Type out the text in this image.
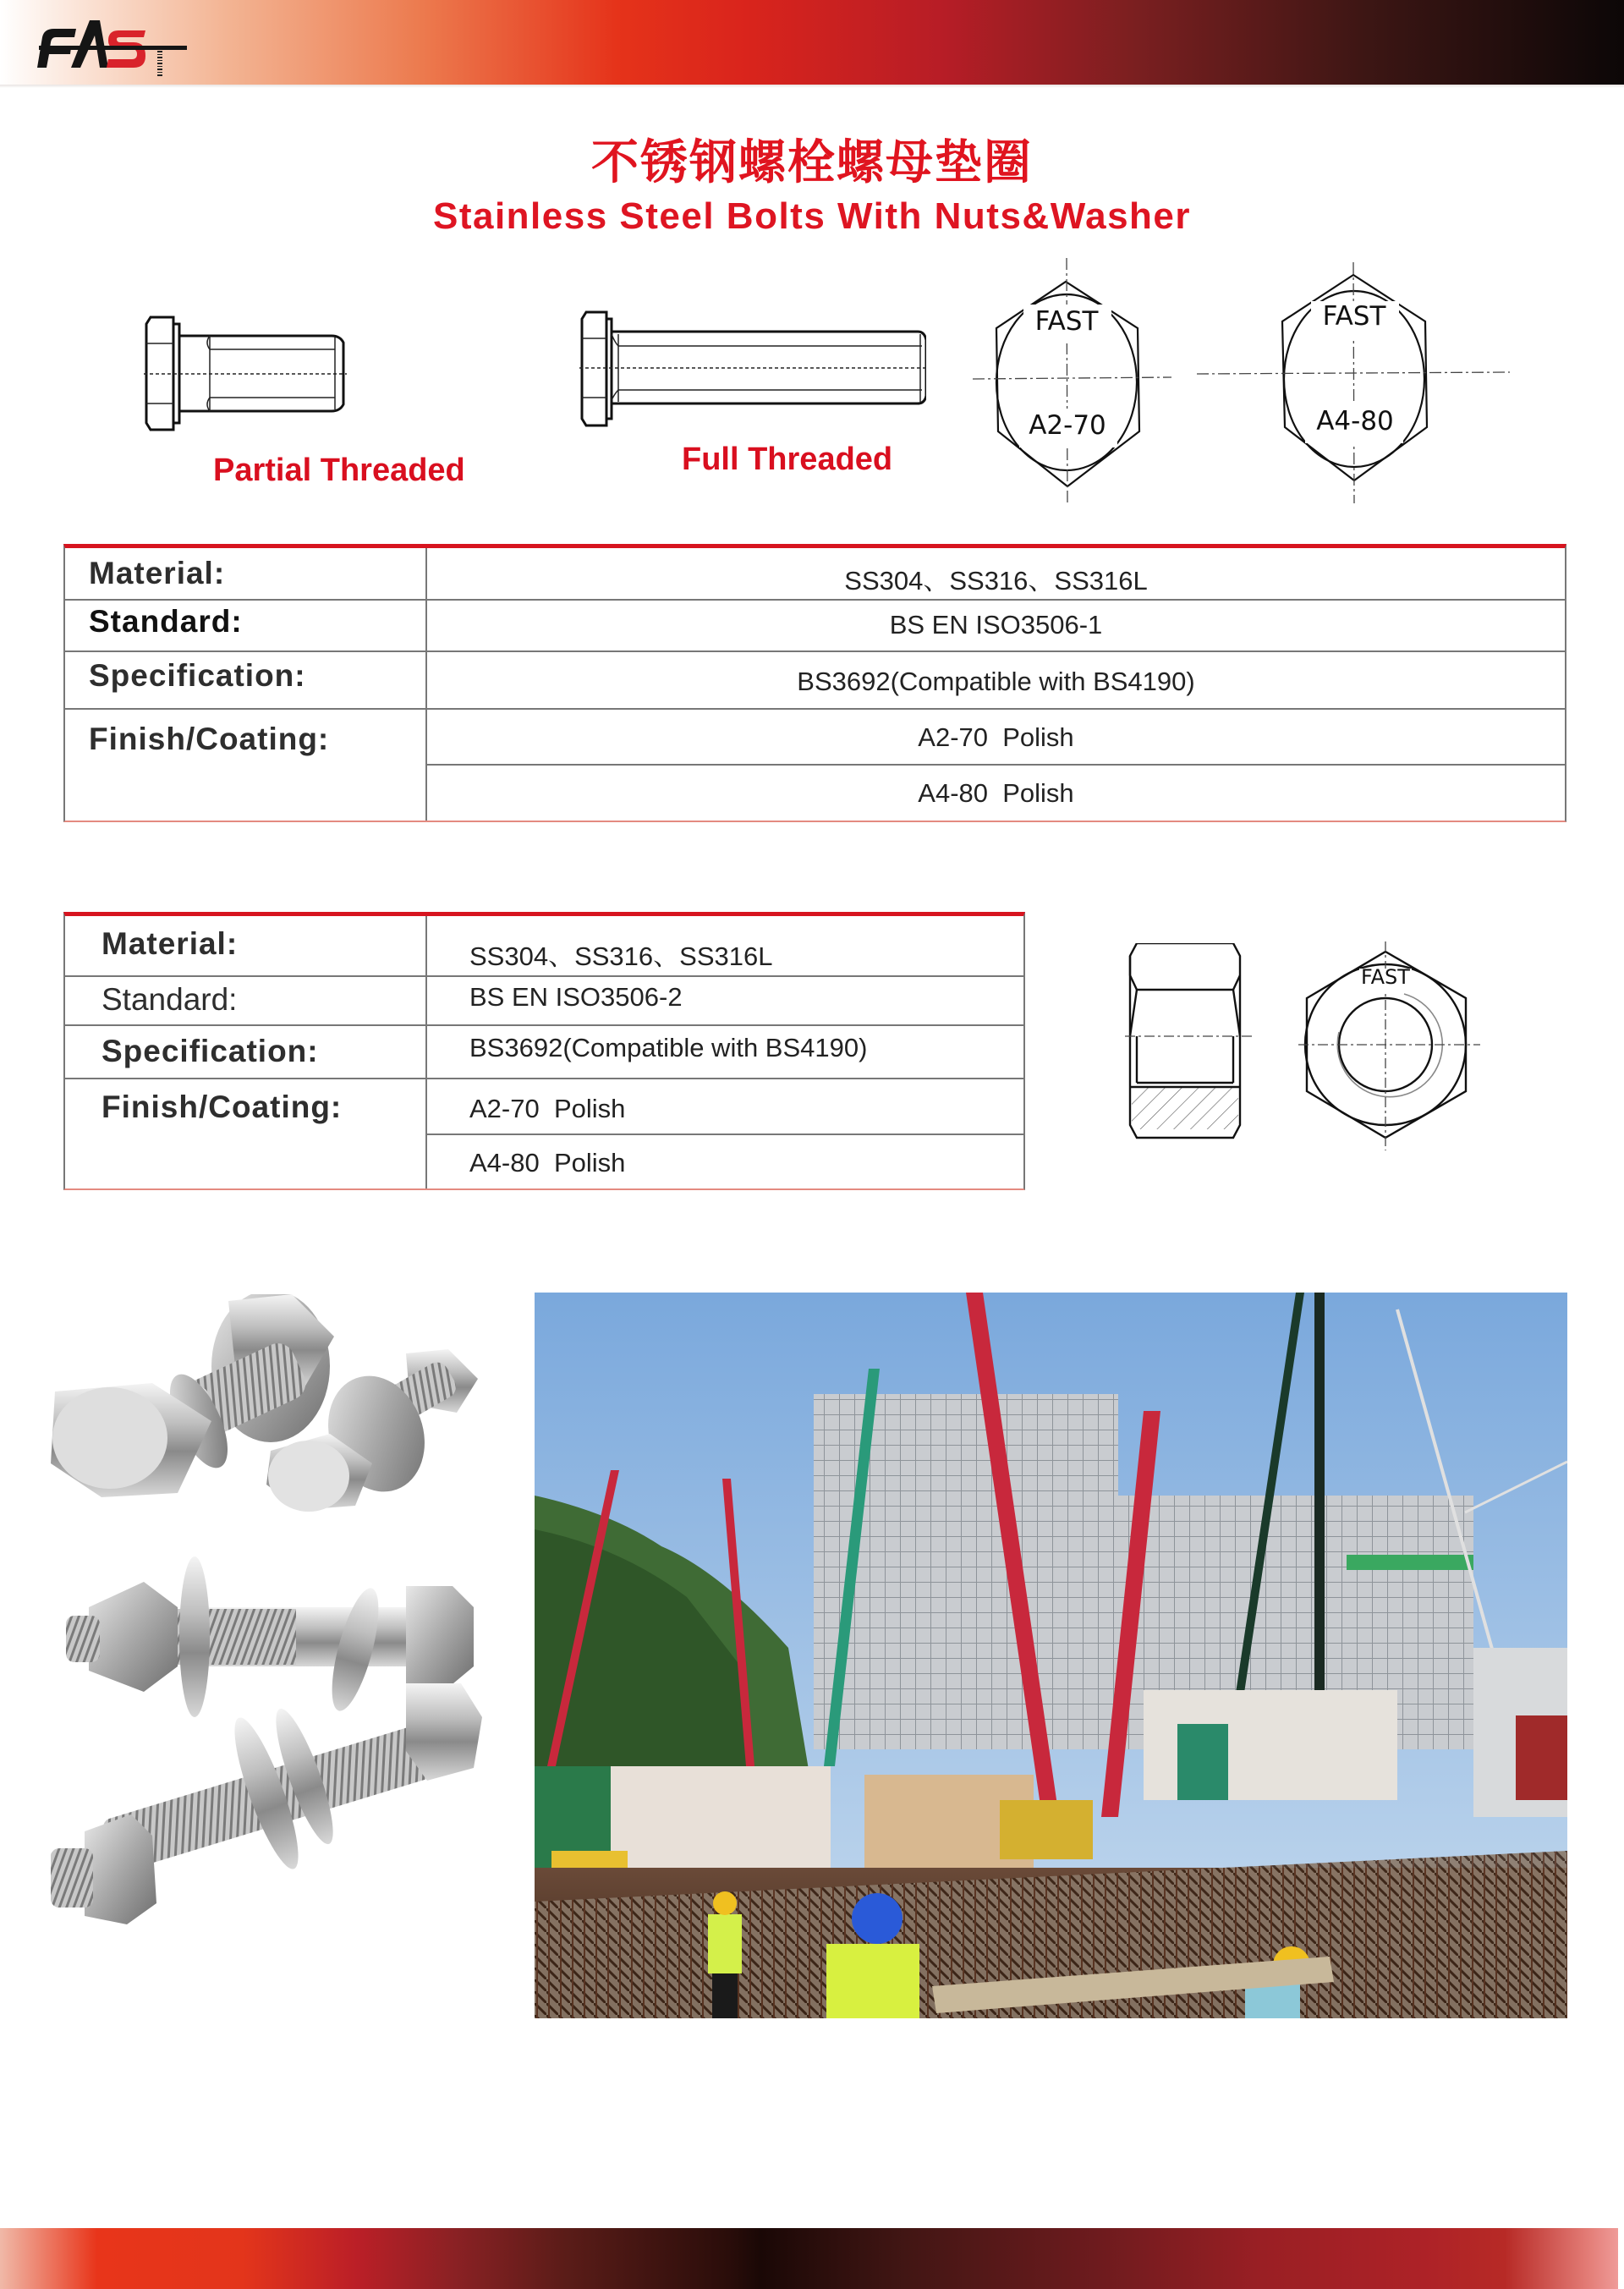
不锈钢螺栓螺母垫圈
Stainless Steel Bolts With Nuts&Washer
Partial Threaded	Full Threaded
FAST
A2-70
FAST
A4-80
Material:
Standard:
Specification:
Finish/Coating:
SS304、SS316、SS316L
BS EN ISO3506-1
BS3692(Compatible with BS4190)
A2-70  Polish
A4-80  Polish
Material:
Standard:
Specification:
Finish/Coating:
SS304、SS316、SS316L
BS EN ISO3506-2
BS3692(Compatible with BS4190)
A2-70  Polish
A4-80  Polish
FAST
